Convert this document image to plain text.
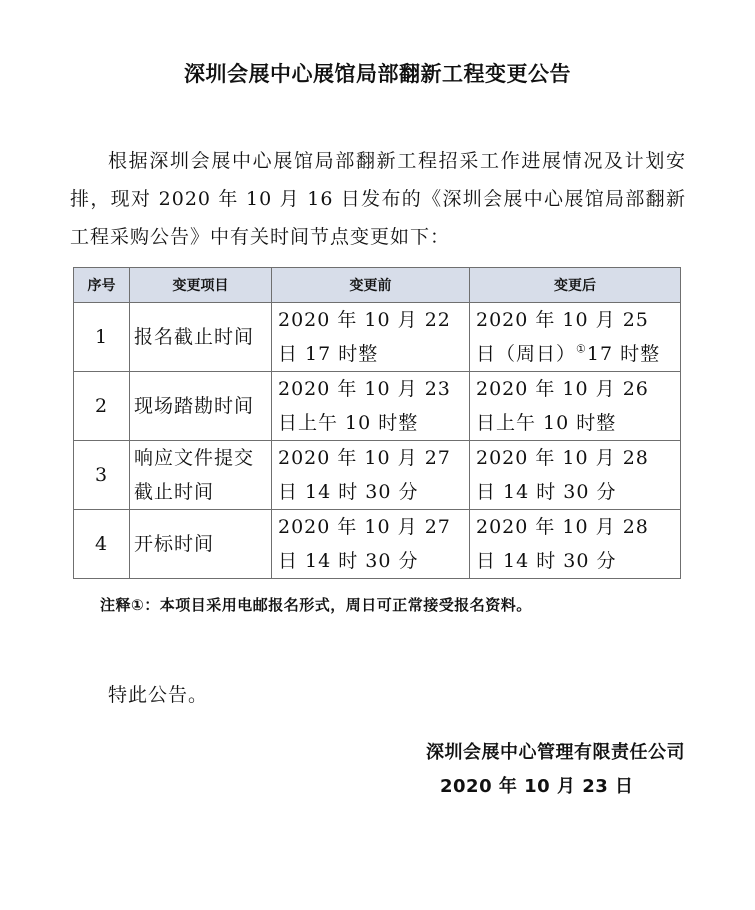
深圳会展中心展馆局部翻新工程变更公告
根据深圳会展中心展馆局部翻新工程招采工作进展情况及计划安排，现对 2020 年 10 月 16 日发布的《深圳会展中心展馆局部翻新工程采购公告》中有关时间节点变更如下：
序号	变更项目	变更前	变更后
1	报名截止时间	2020 年 10 月 22 日 17 时整	2020 年 10 月 25 日（周日）①17 时整
2	现场踏勘时间	2020 年 10 月 23 日上午 10 时整	2020 年 10 月 26 日上午 10 时整
3	响应文件提交截止时间	2020 年 10 月 27 日 14 时 30 分	2020 年 10 月 28 日 14 时 30 分
4	开标时间	2020 年 10 月 27 日 14 时 30 分	2020 年 10 月 28 日 14 时 30 分
注释①：本项目采用电邮报名形式，周日可正常接受报名资料。
特此公告。
深圳会展中心管理有限责任公司
2020 年 10 月 23 日
